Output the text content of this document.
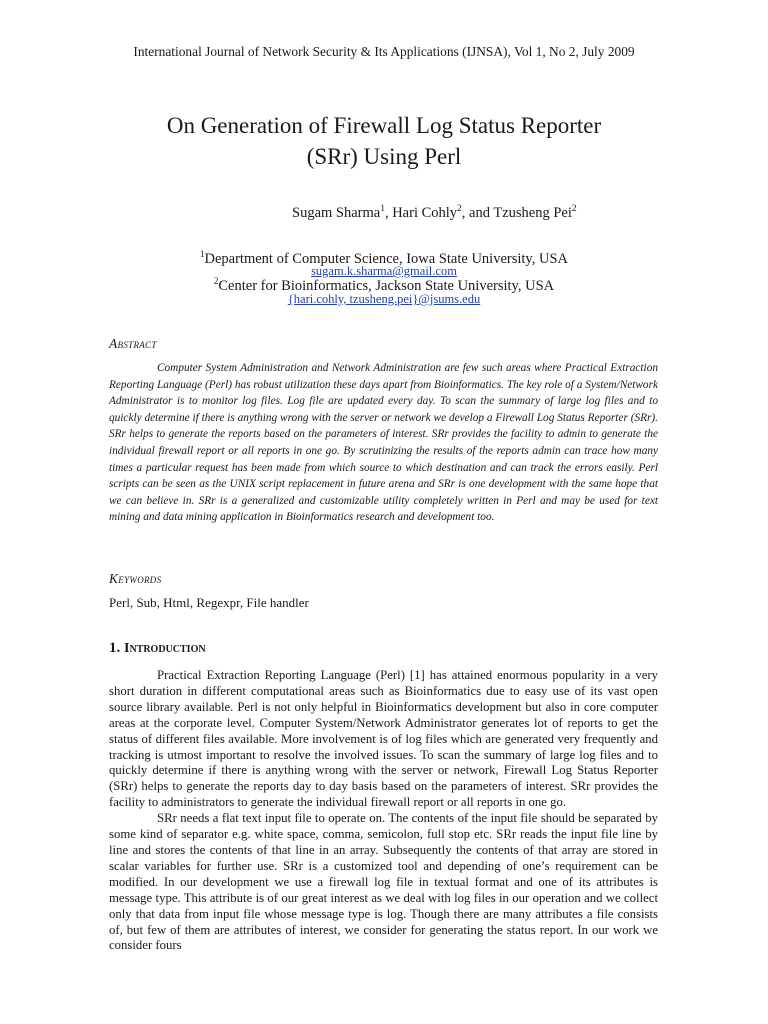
International Journal of Network Security & Its Applications (IJNSA), Vol 1, No 2, July 2009
On Generation of Firewall Log Status Reporter
(SRr) Using Perl
Sugam Sharma$^1$, Hari Cohly$^2$, and Tzusheng Pei$^2$
$^1$Department of Computer Science, Iowa State University, USA
sugam.k.sharma@gmail.com
$^2$Center for Bioinformatics, Jackson State University, USA
{hari.cohly, tzusheng.pei}@jsums.edu
Abstract

Computer System Administration and Network Administration are few such areas where Practical Extraction Reporting Language (Perl) has robust utilization these days apart from Bioinformatics. The key role of a System/Network Administrator is to monitor log files. Log file are updated every day. To scan the summary of large log files and to quickly determine if there is anything wrong with the server or network we develop a Firewall Log Status Reporter (SRr). SRr helps to generate the reports based on the parameters of interest. SRr provides the facility to admin to generate the individual firewall report or all reports in one go. By scrutinizing the results of the reports admin can trace how many times a particular request has been made from which source to which destination and can track the errors easily. Perl scripts can be seen as the UNIX script replacement in future arena and SRr is one development with the same hope that we can believe in. SRr is a generalized and customizable utility completely written in Perl and may be used for text mining and data mining application in Bioinformatics research and development too.

Keywords
Perl, Sub, Html, Regexpr, File handler
1. Introduction

Practical Extraction Reporting Language (Perl) [1] has attained enormous popularity in a very short duration in different computational areas such as Bioinformatics due to easy use of its vast open source library available. Perl is not only helpful in Bioinformatics development but also in core computer areas at the corporate level. Computer System/Network Administrator generates lot of reports to get the status of different files available. More involvement is of log files which are generated very frequently and tracking is utmost important to resolve the involved issues. To scan the summary of large log files and to quickly determine if there is anything wrong with the server or network, Firewall Log Status Reporter (SRr) helps to generate the reports day to day basis based on the parameters of interest. SRr provides the facility to administrators to generate the individual firewall report or all reports in one go.

SRr needs a flat text input file to operate on. The contents of the input file should be separated by some kind of separator e.g. white space, comma, semicolon, full stop etc. SRr reads the input file line by line and stores the contents of that line in an array. Subsequently the contents of that array are stored in scalar variables for further use. SRr is a customized tool and depending of one’s requirement can be modified. In our development we use a firewall log file in textual format and one of its attributes is message type. This attribute is of our great interest as we deal with log files in our operation and we collect only that data from input file whose message type is log. Though there are many attributes a file consists of, but few of them are attributes of interest, we consider for generating the status report. In our work we consider fours
